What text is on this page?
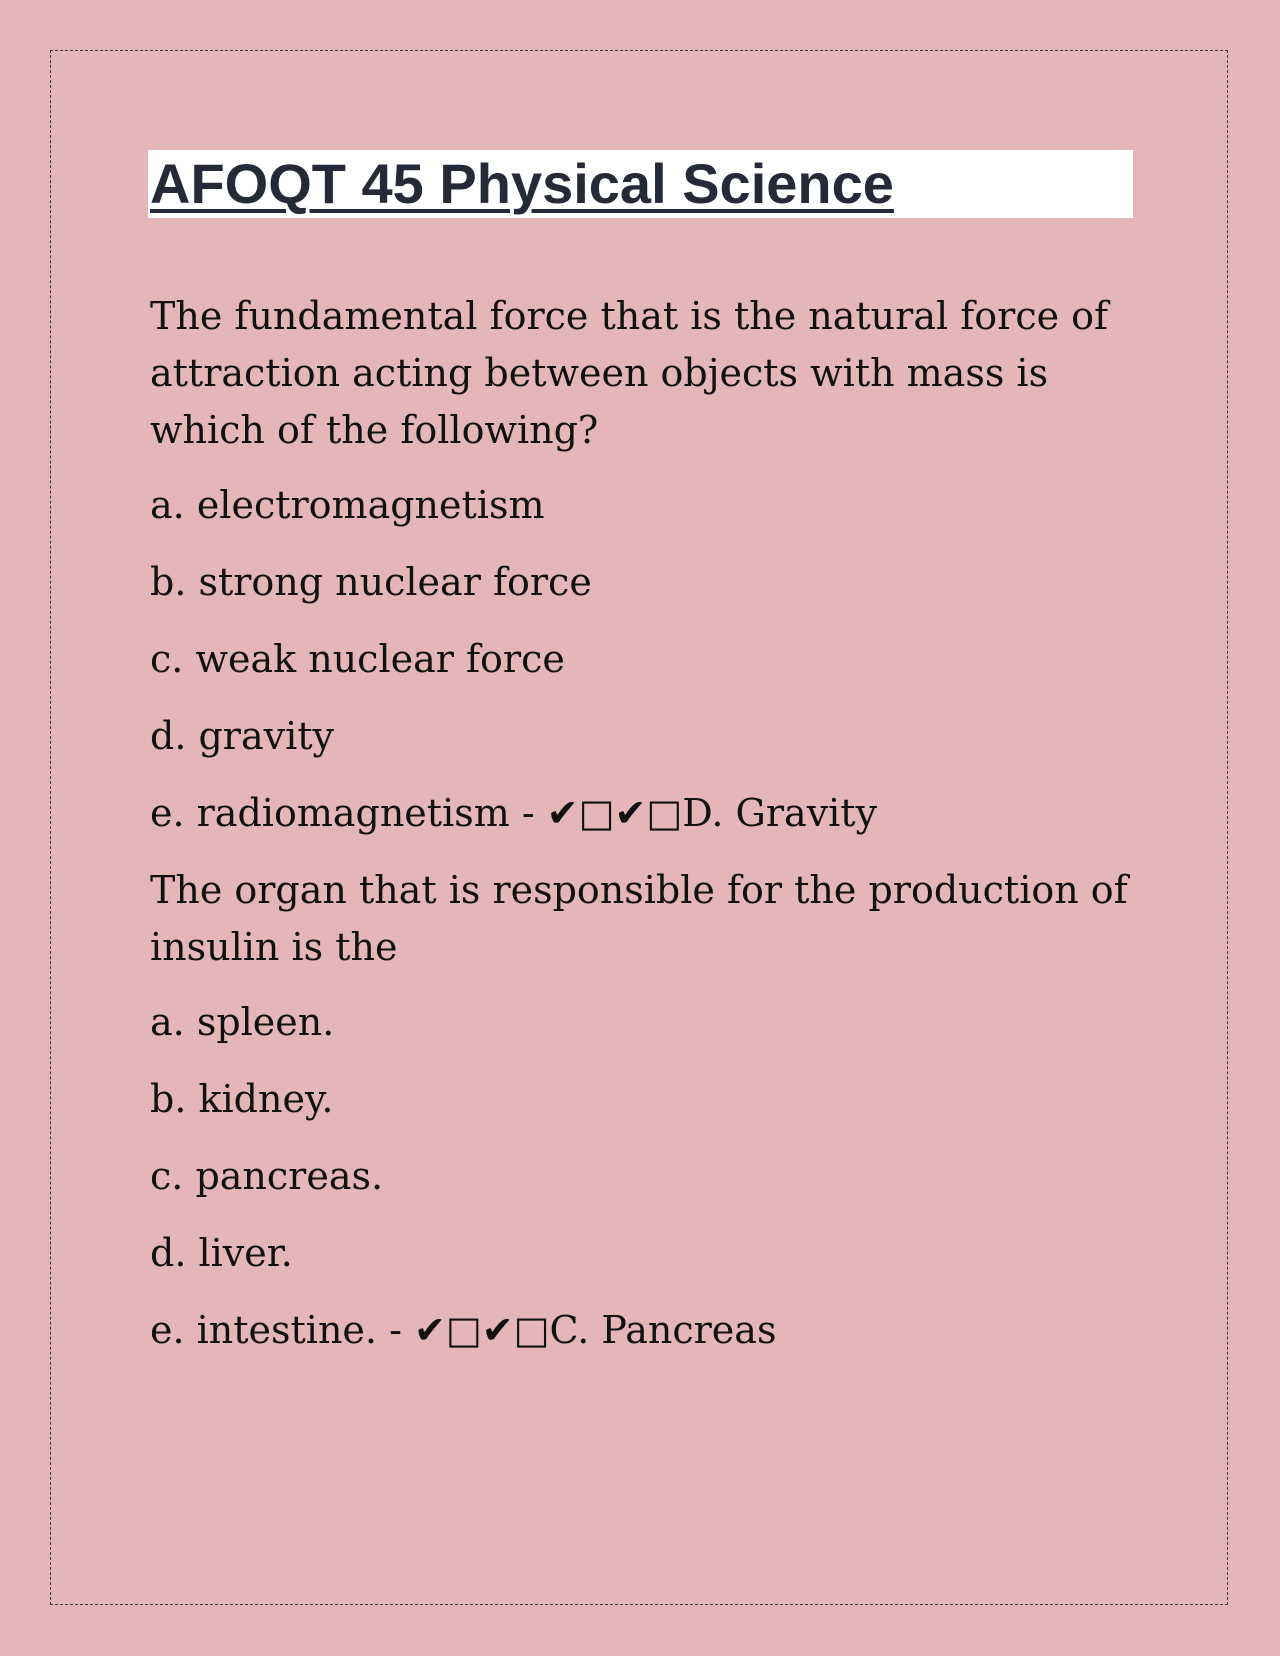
AFOQT 45 Physical Science

The fundamental force that is the natural force of attraction acting between objects with mass is which of the following?

a. electromagnetism

b. strong nuclear force

c. weak nuclear force

d. gravity

e. radiomagnetism - ✔□✔□D. Gravity

The organ that is responsible for the production of insulin is the

a. spleen.

b. kidney.

c. pancreas.

d. liver.

e. intestine. - ✔□✔□C. Pancreas
